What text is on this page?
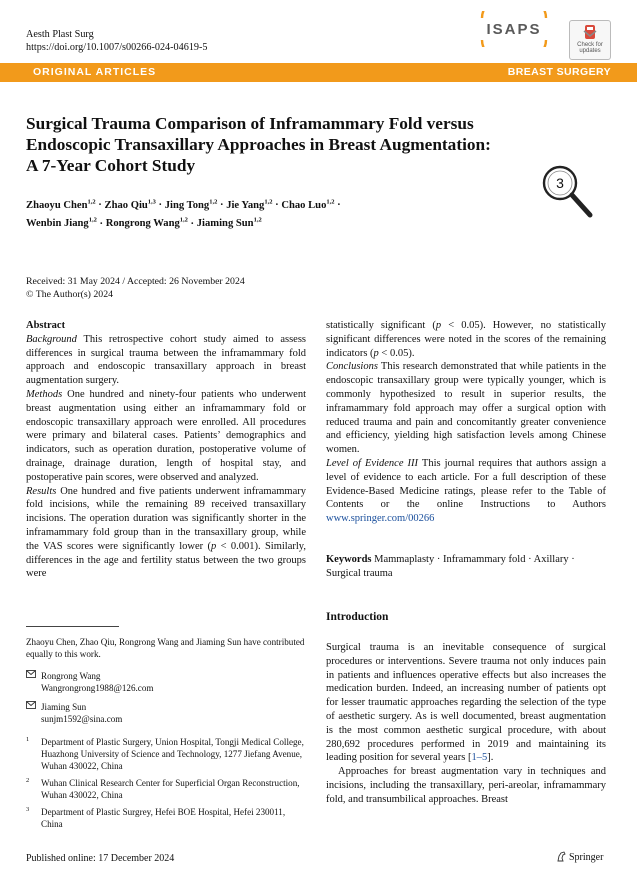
Aesth Plast Surg
https://doi.org/10.1007/s00266-024-04619-5
ISAPS
Check for
updates
ORIGINAL ARTICLES	BREAST SURGERY
Surgical Trauma Comparison of Inframammary Fold versus Endoscopic Transaxillary Approaches in Breast Augmentation: A 7-Year Cohort Study
Zhaoyu Chen$^{1,2}$ · Zhao Qiu$^{1,3}$ · Jing Tong$^{1,2}$ · Jie Yang$^{1,2}$ · Chao Luo$^{1,2}$ ·
Wenbin Jiang$^{1,2}$ · Rongrong Wang$^{1,2}$ · Jiaming Sun$^{1,2}$
3
Received: 31 May 2024 / Accepted: 26 November 2024
© The Author(s) 2024

Abstract

Background This retrospective cohort study aimed to assess differences in surgical trauma between the inframammary fold approach and endoscopic transaxillary approach in breast augmentation surgery.

Methods One hundred and ninety-four patients who underwent breast augmentation using either an inframammary fold or endoscopic transaxillary approach were enrolled. All procedures were primary and bilateral cases. Patients’ demographics and indicators, such as operation duration, postoperative volume of drainage, drainage duration, length of hospital stay, and postoperative pain scores, were observed and analyzed.

Results One hundred and five patients underwent inframammary fold incisions, while the remaining 89 received transaxillary incisions. The operation duration was significantly shorter in the inframammary fold group than in the transaxillary group, while the VAS scores were significantly lower (p < 0.001). Similarly, differences in the age and fertility status between the two groups were

statistically significant (p < 0.05). However, no statistically significant differences were noted in the scores of the remaining indicators (p < 0.05).

Conclusions This research demonstrated that while patients in the endoscopic transaxillary group were typically younger, which is commonly hypothesized to result in superior results, the inframammary fold approach may offer a surgical option with reduced trauma and pain and concomitantly greater convenience and efficiency, yielding high satisfaction levels among Chinese women.

Level of Evidence III This journal requires that authors assign a level of evidence to each article. For a full description of these Evidence-Based Medicine ratings, please refer to the Table of Contents or the online Instructions to Authors www.springer.com/00266

Keywords Mammaplasty · Inframammary fold · Axillary · Surgical trauma
Introduction

Surgical trauma is an inevitable consequence of surgical procedures or interventions. Severe trauma not only induces pain in patients and influences operative effects but also increases the medication burden. Indeed, an increasing number of patients opt for lesser traumatic approaches regarding the selection of the type of aesthetic surgery. As is well documented, breast augmentation is the most common aesthetic surgical procedure, with about 280,692 procedures performed in 2019 and maintaining its leading position for several years [1–5].

Approaches for breast augmentation vary in techniques and incisions, including the transaxillary, peri-areolar, inframammary fold, and transumbilical approaches. Breast

Zhaoyu Chen, Zhao Qiu, Rongrong Wang and Jiaming Sun have contributed equally to this work.
Rongrong Wang
Wangrongrong1988@126.com
Jiaming Sun
sunjm1592@sina.com
1 Department of Plastic Surgery, Union Hospital, Tongji Medical College, Huazhong University of Science and Technology, 1277 Jiefang Avenue, Wuhan 430022, China
2 Wuhan Clinical Research Center for Superficial Organ Reconstruction, Wuhan 430022, China
3 Department of Plastic Surgrey, Hefei BOE Hospital, Hefei 230011, China
Published online: 17 December 2024	Springer
